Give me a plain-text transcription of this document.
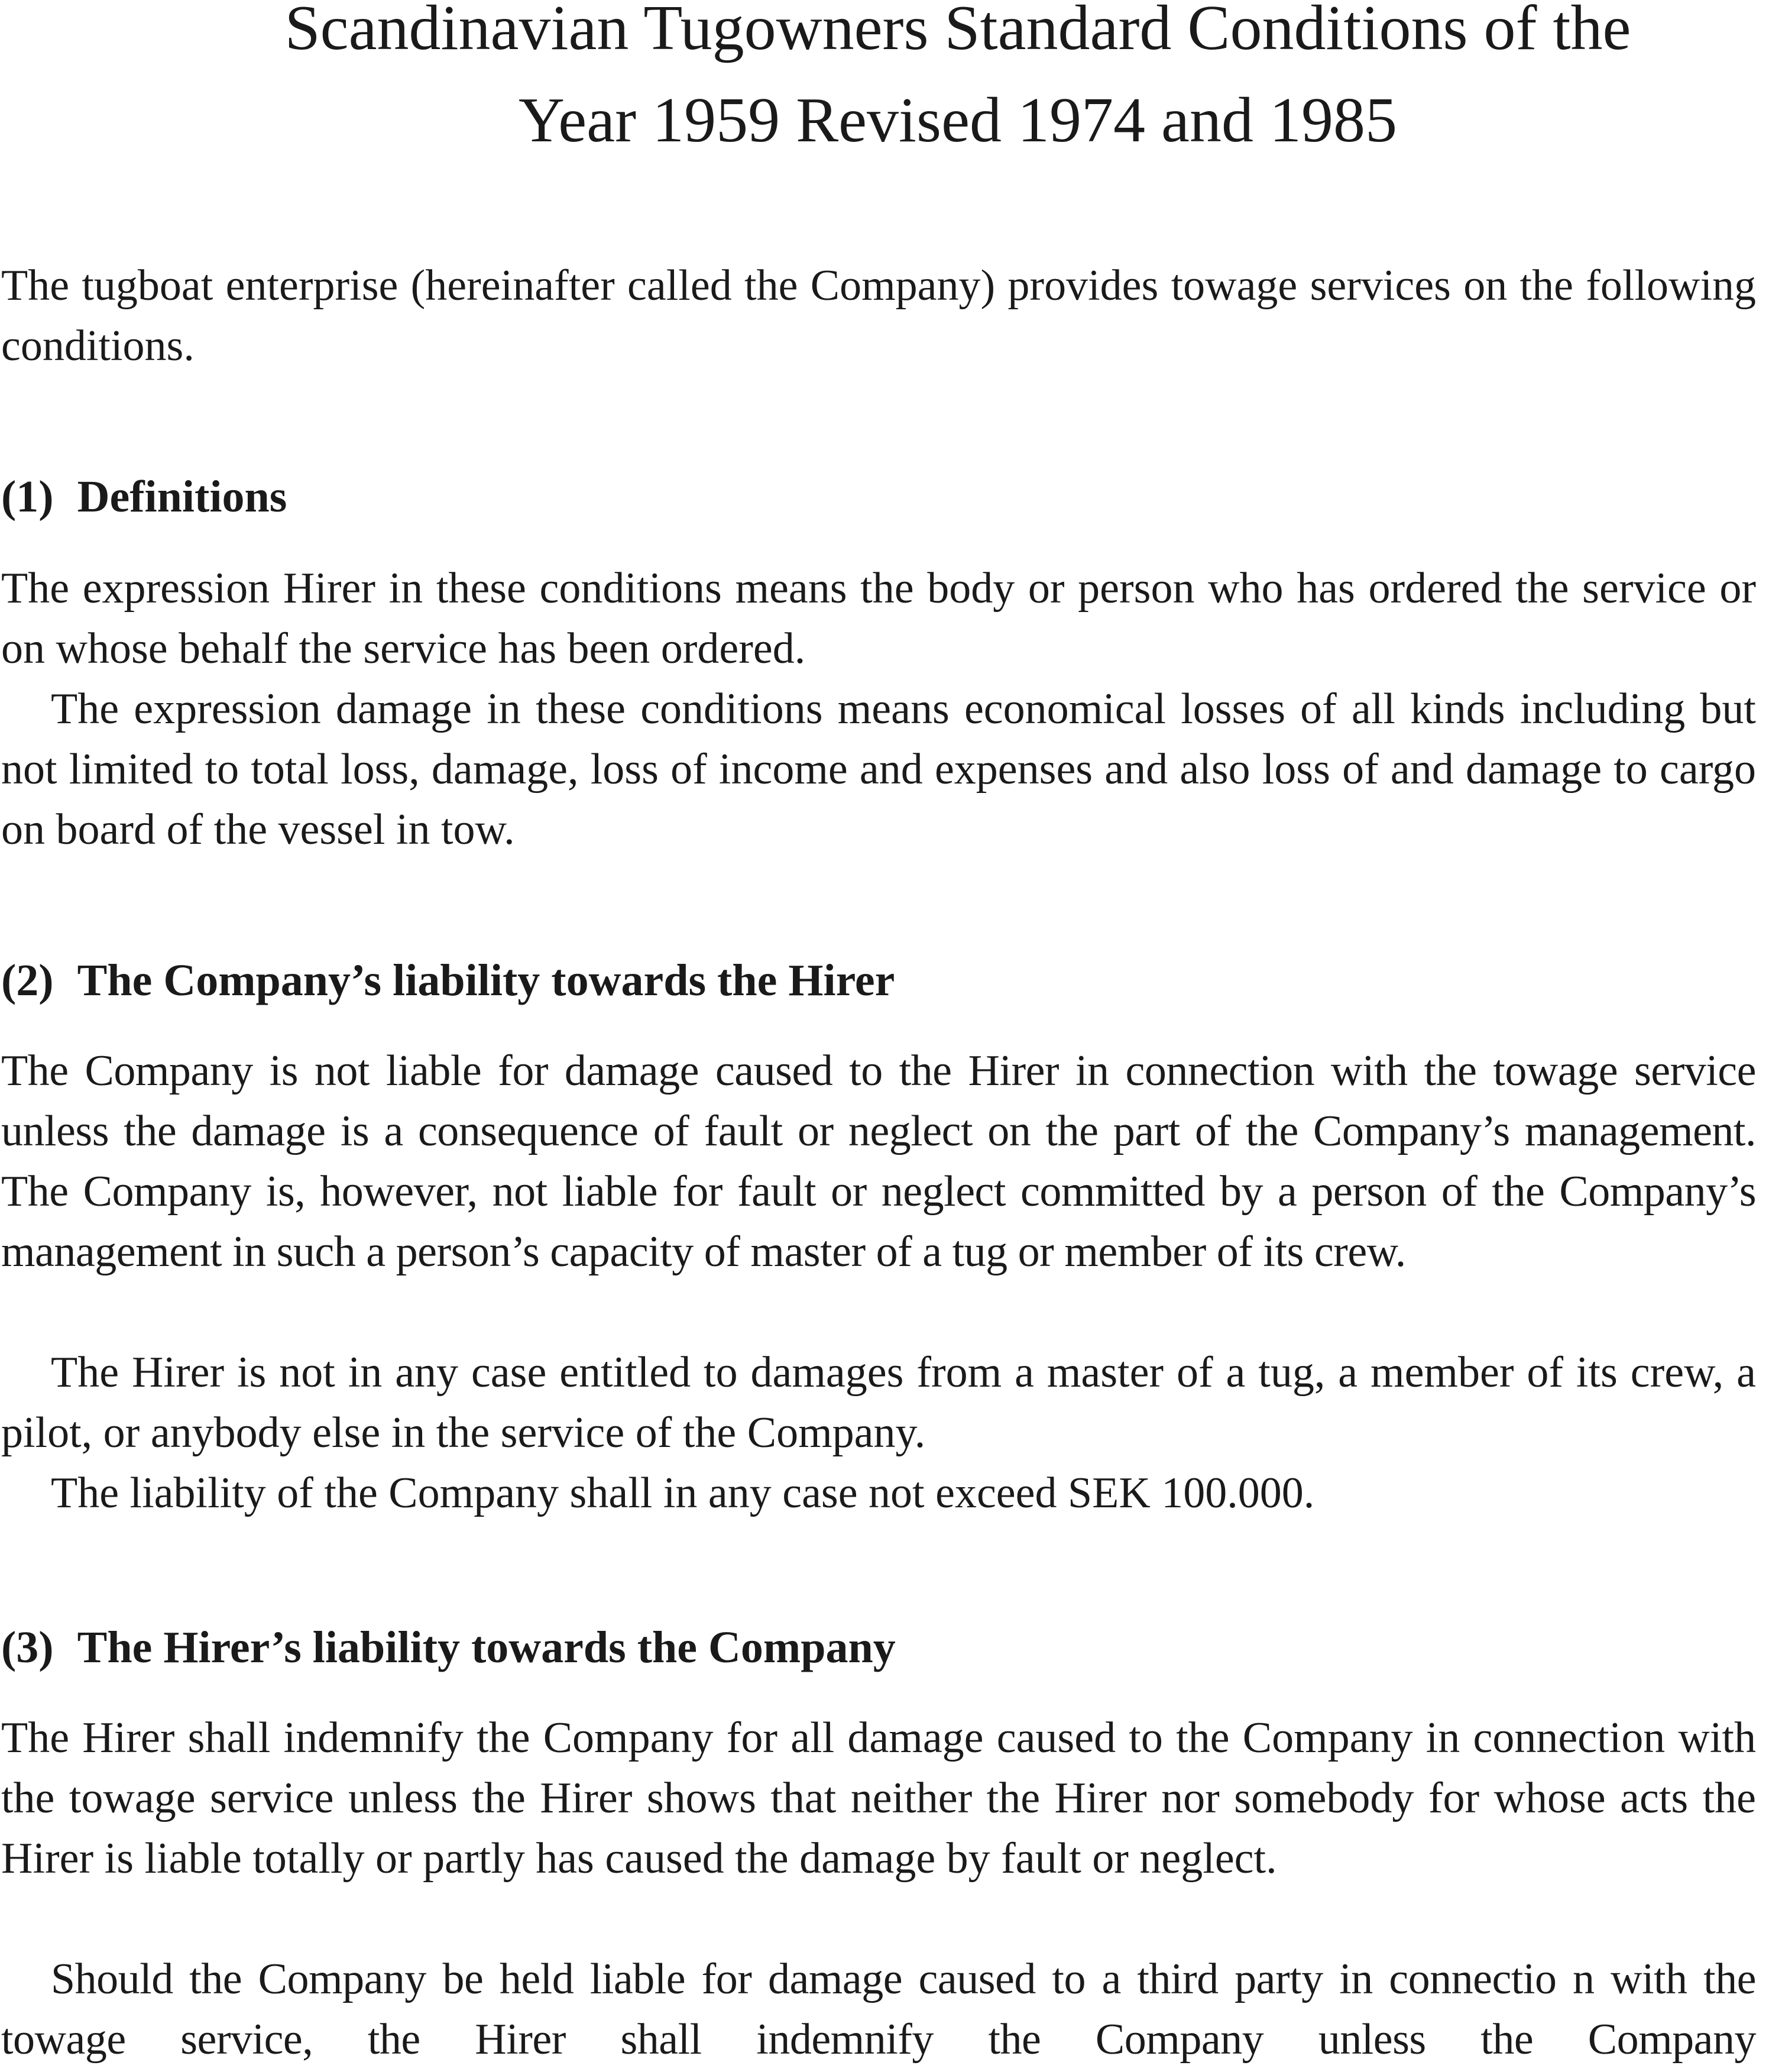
Scandinavian Tugowners Standard Conditions of the
Year 1959 Revised 1974 and 1985

The tugboat enterprise (hereinafter called the Company) provides towage services on the following conditions.

(1) Definitions

The expression Hirer in these conditions means the body or person who has ordered the service or on whose behalf the service has been ordered.

The expression damage in these conditions means economical losses of all kinds including but not limited to total loss, damage, loss of income and expenses and also loss of and damage to cargo on board of the vessel in tow.

(2) The Company’s liability towards the Hirer

The Company is not liable for damage caused to the Hirer in connection with the towage service unless the damage is a consequence of fault or neglect on the part of the Company’s management. The Company is, however, not liable for fault or neglect committed by a person of the Company’s management in such a person’s capacity of master of a tug or member of its crew.

The Hirer is not in any case entitled to damages from a master of a tug, a member of its crew, a pilot, or anybody else in the service of the Company.

The liability of the Company shall in any case not exceed SEK 100.000.

(3) The Hirer’s liability towards the Company

The Hirer shall indemnify the Company for all damage caused to the Company in connection with the towage service unless the Hirer shows that neither the Hirer nor somebody for whose acts the Hirer is liable totally or partly has caused the damage by fault or neglect.

Should the Company be held liable for damage caused to a third party in connectio n with the towage service, the Hirer shall indemnify the Company unless the Company
